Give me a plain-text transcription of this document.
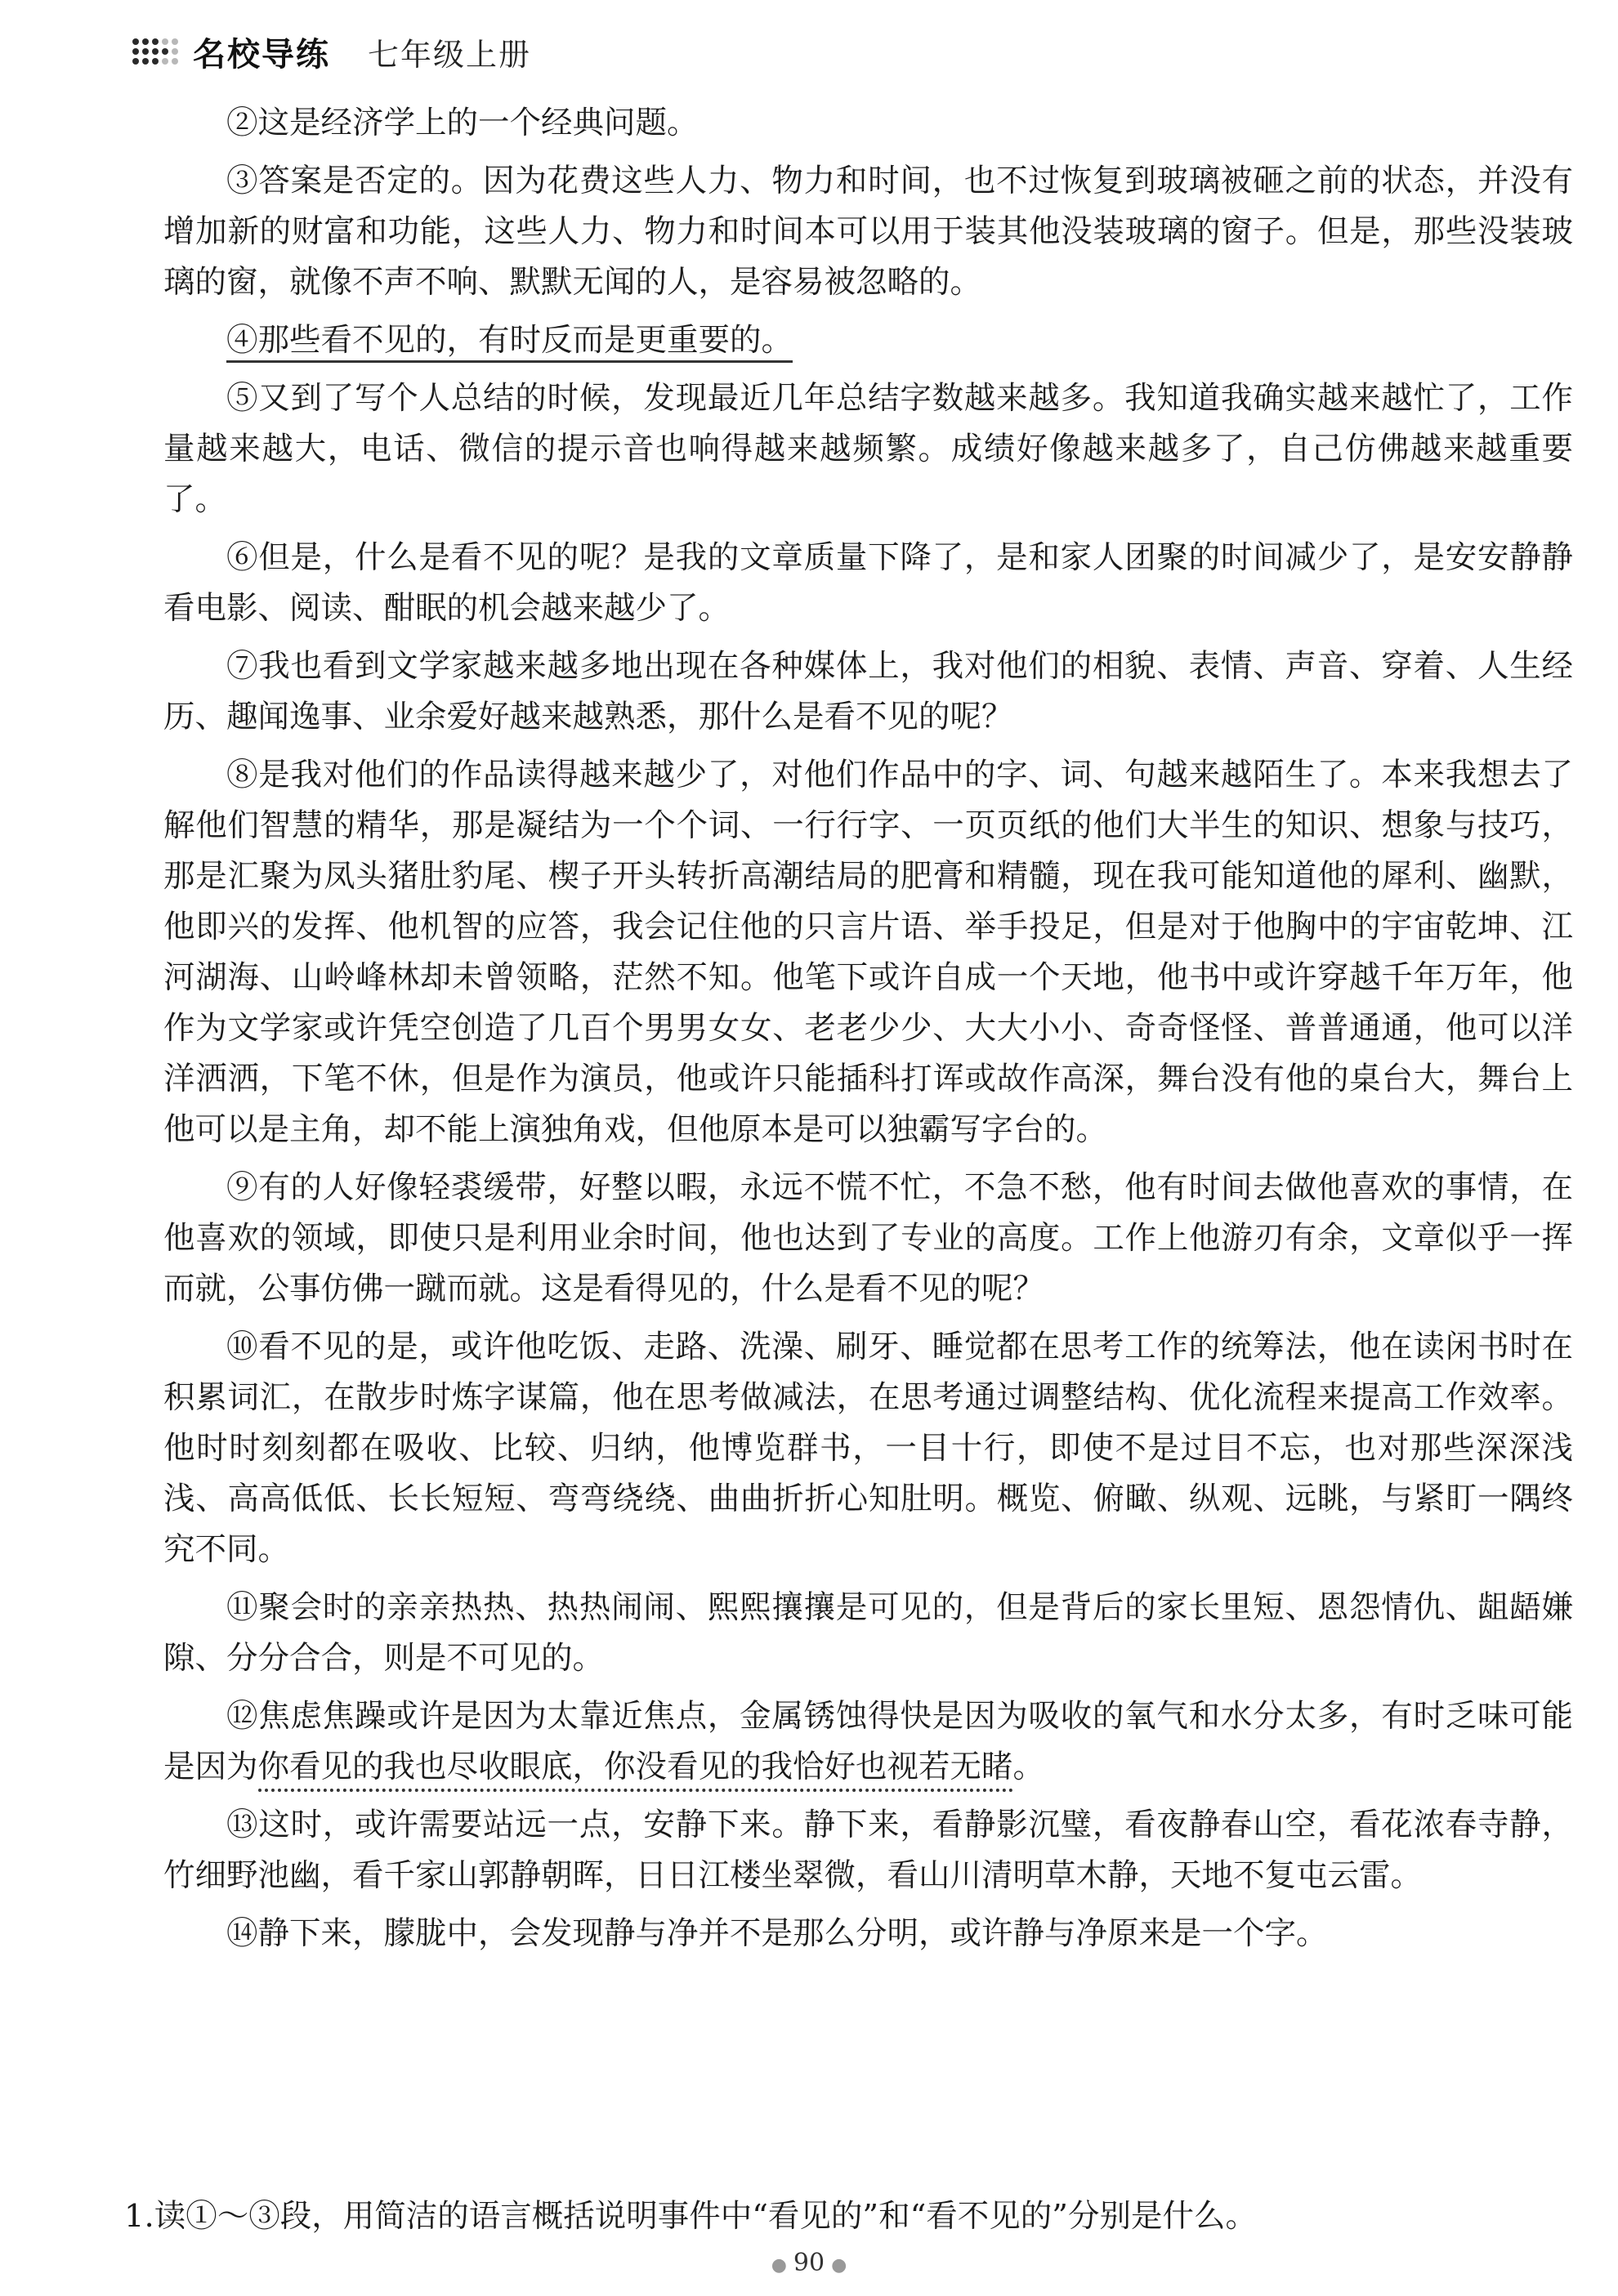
名校导练 七年级上册

②这是经济学上的一个经典问题。

③答案是否定的。因为花费这些人力、物力和时间，也不过恢复到玻璃被砸之前的状态，并没有增加新的财富和功能，这些人力、物力和时间本可以用于装其他没装玻璃的窗子。但是，那些没装玻璃的窗，就像不声不响、默默无闻的人，是容易被忽略的。

④那些看不见的，有时反而是更重要的。

⑤又到了写个人总结的时候，发现最近几年总结字数越来越多。我知道我确实越来越忙了，工作量越来越大，电话、微信的提示音也响得越来越频繁。成绩好像越来越多了，自己仿佛越来越重要了。

⑥但是，什么是看不见的呢？是我的文章质量下降了，是和家人团聚的时间减少了，是安安静静看电影、阅读、酣眠的机会越来越少了。

⑦我也看到文学家越来越多地出现在各种媒体上，我对他们的相貌、表情、声音、穿着、人生经历、趣闻逸事、业余爱好越来越熟悉，那什么是看不见的呢？

⑧是我对他们的作品读得越来越少了，对他们作品中的字、词、句越来越陌生了。本来我想去了解他们智慧的精华，那是凝结为一个个词、一行行字、一页页纸的他们大半生的知识、想象与技巧，那是汇聚为凤头猪肚豹尾、楔子开头转折高潮结局的肥膏和精髓，现在我可能知道他的犀利、幽默，他即兴的发挥、他机智的应答，我会记住他的只言片语、举手投足，但是对于他胸中的宇宙乾坤、江河湖海、山岭峰林却未曾领略，茫然不知。他笔下或许自成一个天地，他书中或许穿越千年万年，他作为文学家或许凭空创造了几百个男男女女、老老少少、大大小小、奇奇怪怪、普普通通，他可以洋洋洒洒，下笔不休，但是作为演员，他或许只能插科打诨或故作高深，舞台没有他的桌台大，舞台上他可以是主角，却不能上演独角戏，但他原本是可以独霸写字台的。

⑨有的人好像轻裘缓带，好整以暇，永远不慌不忙，不急不愁，他有时间去做他喜欢的事情，在他喜欢的领域，即使只是利用业余时间，他也达到了专业的高度。工作上他游刃有余，文章似乎一挥而就，公事仿佛一蹴而就。这是看得见的，什么是看不见的呢？

⑩看不见的是，或许他吃饭、走路、洗澡、刷牙、睡觉都在思考工作的统筹法，他在读闲书时在积累词汇，在散步时炼字谋篇，他在思考做减法，在思考通过调整结构、优化流程来提高工作效率。他时时刻刻都在吸收、比较、归纳，他博览群书，一目十行，即使不是过目不忘，也对那些深深浅浅、高高低低、长长短短、弯弯绕绕、曲曲折折心知肚明。概览、俯瞰、纵观、远眺，与紧盯一隅终究不同。

⑪聚会时的亲亲热热、热热闹闹、熙熙攘攘是可见的，但是背后的家长里短、恩怨情仇、龃龉嫌隙、分分合合，则是不可见的。

⑫焦虑焦躁或许是因为太靠近焦点，金属锈蚀得快是因为吸收的氧气和水分太多，有时乏味可能是因为你看见的我也尽收眼底，你没看见的我恰好也视若无睹。

⑬这时，或许需要站远一点，安静下来。静下来，看静影沉璧，看夜静春山空，看花浓春寺静，竹细野池幽，看千家山郭静朝晖，日日江楼坐翠微，看山川清明草木静，天地不复屯云雷。

⑭静下来，朦胧中，会发现静与净并不是那么分明，或许静与净原来是一个字。

1.读①～③段，用简洁的语言概括说明事件中“看见的”和“看不见的”分别是什么。

● 90 ●
